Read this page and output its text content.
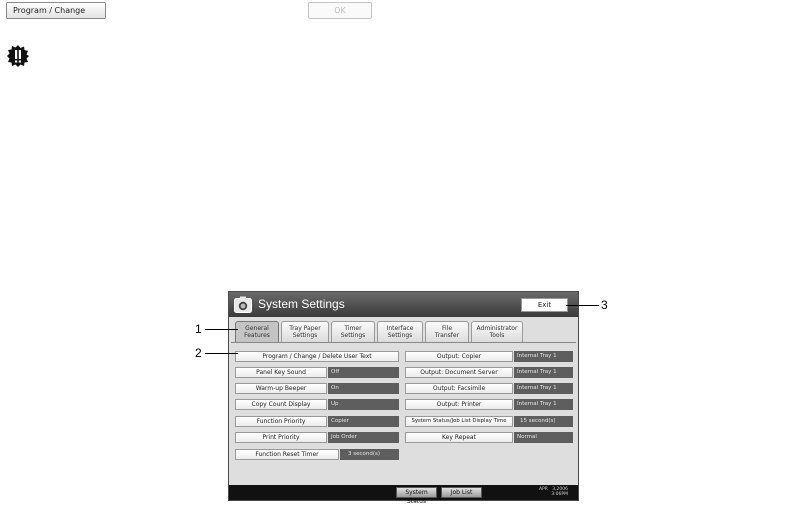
Program / Change	OK
System Settings	Exit
General
Features
Tray Paper
Settings
Timer
Settings
Interface
Settings
File
Transfer
Administrator
Tools
Program / Change / Delete User Text
Panel Key Sound	Off
Warm-up Beeper	On
Copy Count Display	Up
Function Priority	Copier
Print Priority	Job Order
Function Reset Timer	3 second(s)
Output: Copier	Internal Tray 1
Output: Document Server	Internal Tray 1
Output: Facsimile	Internal Tray 1
Output: Printer	Internal Tray 1
System Status/Job List Display Time	15 second(s)
Key Repeat	Normal
System Status
Job List	APR   3,2006
3:06PM
1
2
3
